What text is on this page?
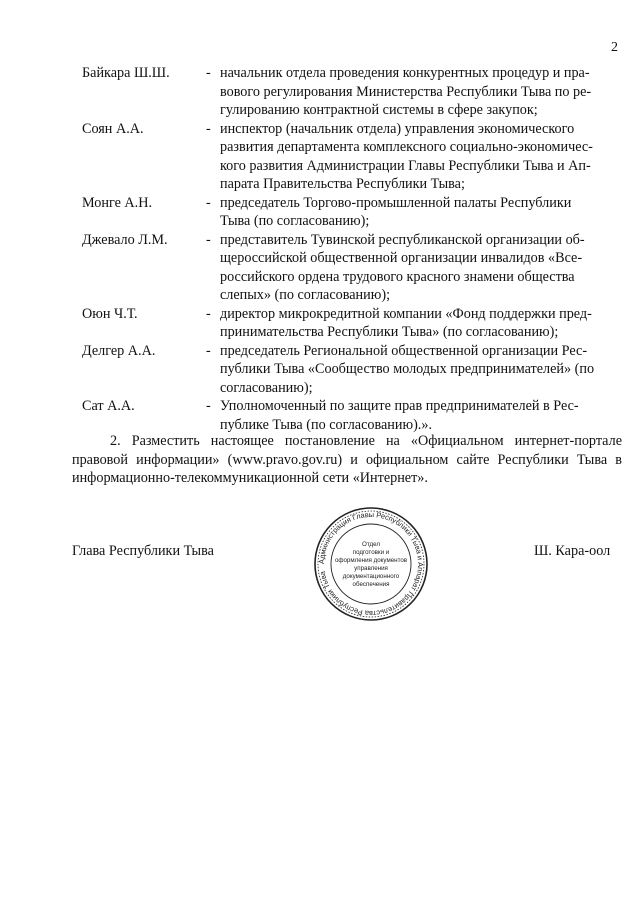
2
Байкара Ш.Ш.	- начальник отдела проведения конкурентных процедур и пра-
вового регулирования Министерства Республики Тыва по ре-
гулированию контрактной системы в сфере закупок;
Соян А.А.	- инспектор (начальник отдела) управления экономического
развития департамента комплексного социально-экономичес-
кого развития Администрации Главы Республики Тыва и Ап-
парата Правительства Республики Тыва;
Монге А.Н.	- председатель Торгово-промышленной палаты Республики
Тыва (по согласованию);
Джевало Л.М.	- представитель Тувинской республиканской организации об-
щероссийской общественной организации инвалидов «Все-
российского ордена трудового красного знамени общества
слепых» (по согласованию);
Оюн Ч.Т.	- директор микрокредитной компании «Фонд поддержки пред-
принимательства Республики Тыва» (по согласованию);
Делгер А.А.	- председатель Региональной общественной организации Рес-
публики Тыва «Сообщество молодых предпринимателей» (по
согласованию);
Сат А.А.	- Уполномоченный по защите прав предпринимателей в Рес-
публике Тыва (по согласованию).».
2. Разместить настоящее постановление на «Официальном интернет-портале правовой информации» (www.pravo.gov.ru) и официальном сайте Республики Тыва в информационно-телекоммуникационной сети «Интернет».
Глава Республики Тыва	Ш. Кара-оол
Администрация Главы Республики Тыва и Аппарат Правительства Республики Тыва
Отдел
подготовки и
оформления документов
управления
документационного
обеспечения
